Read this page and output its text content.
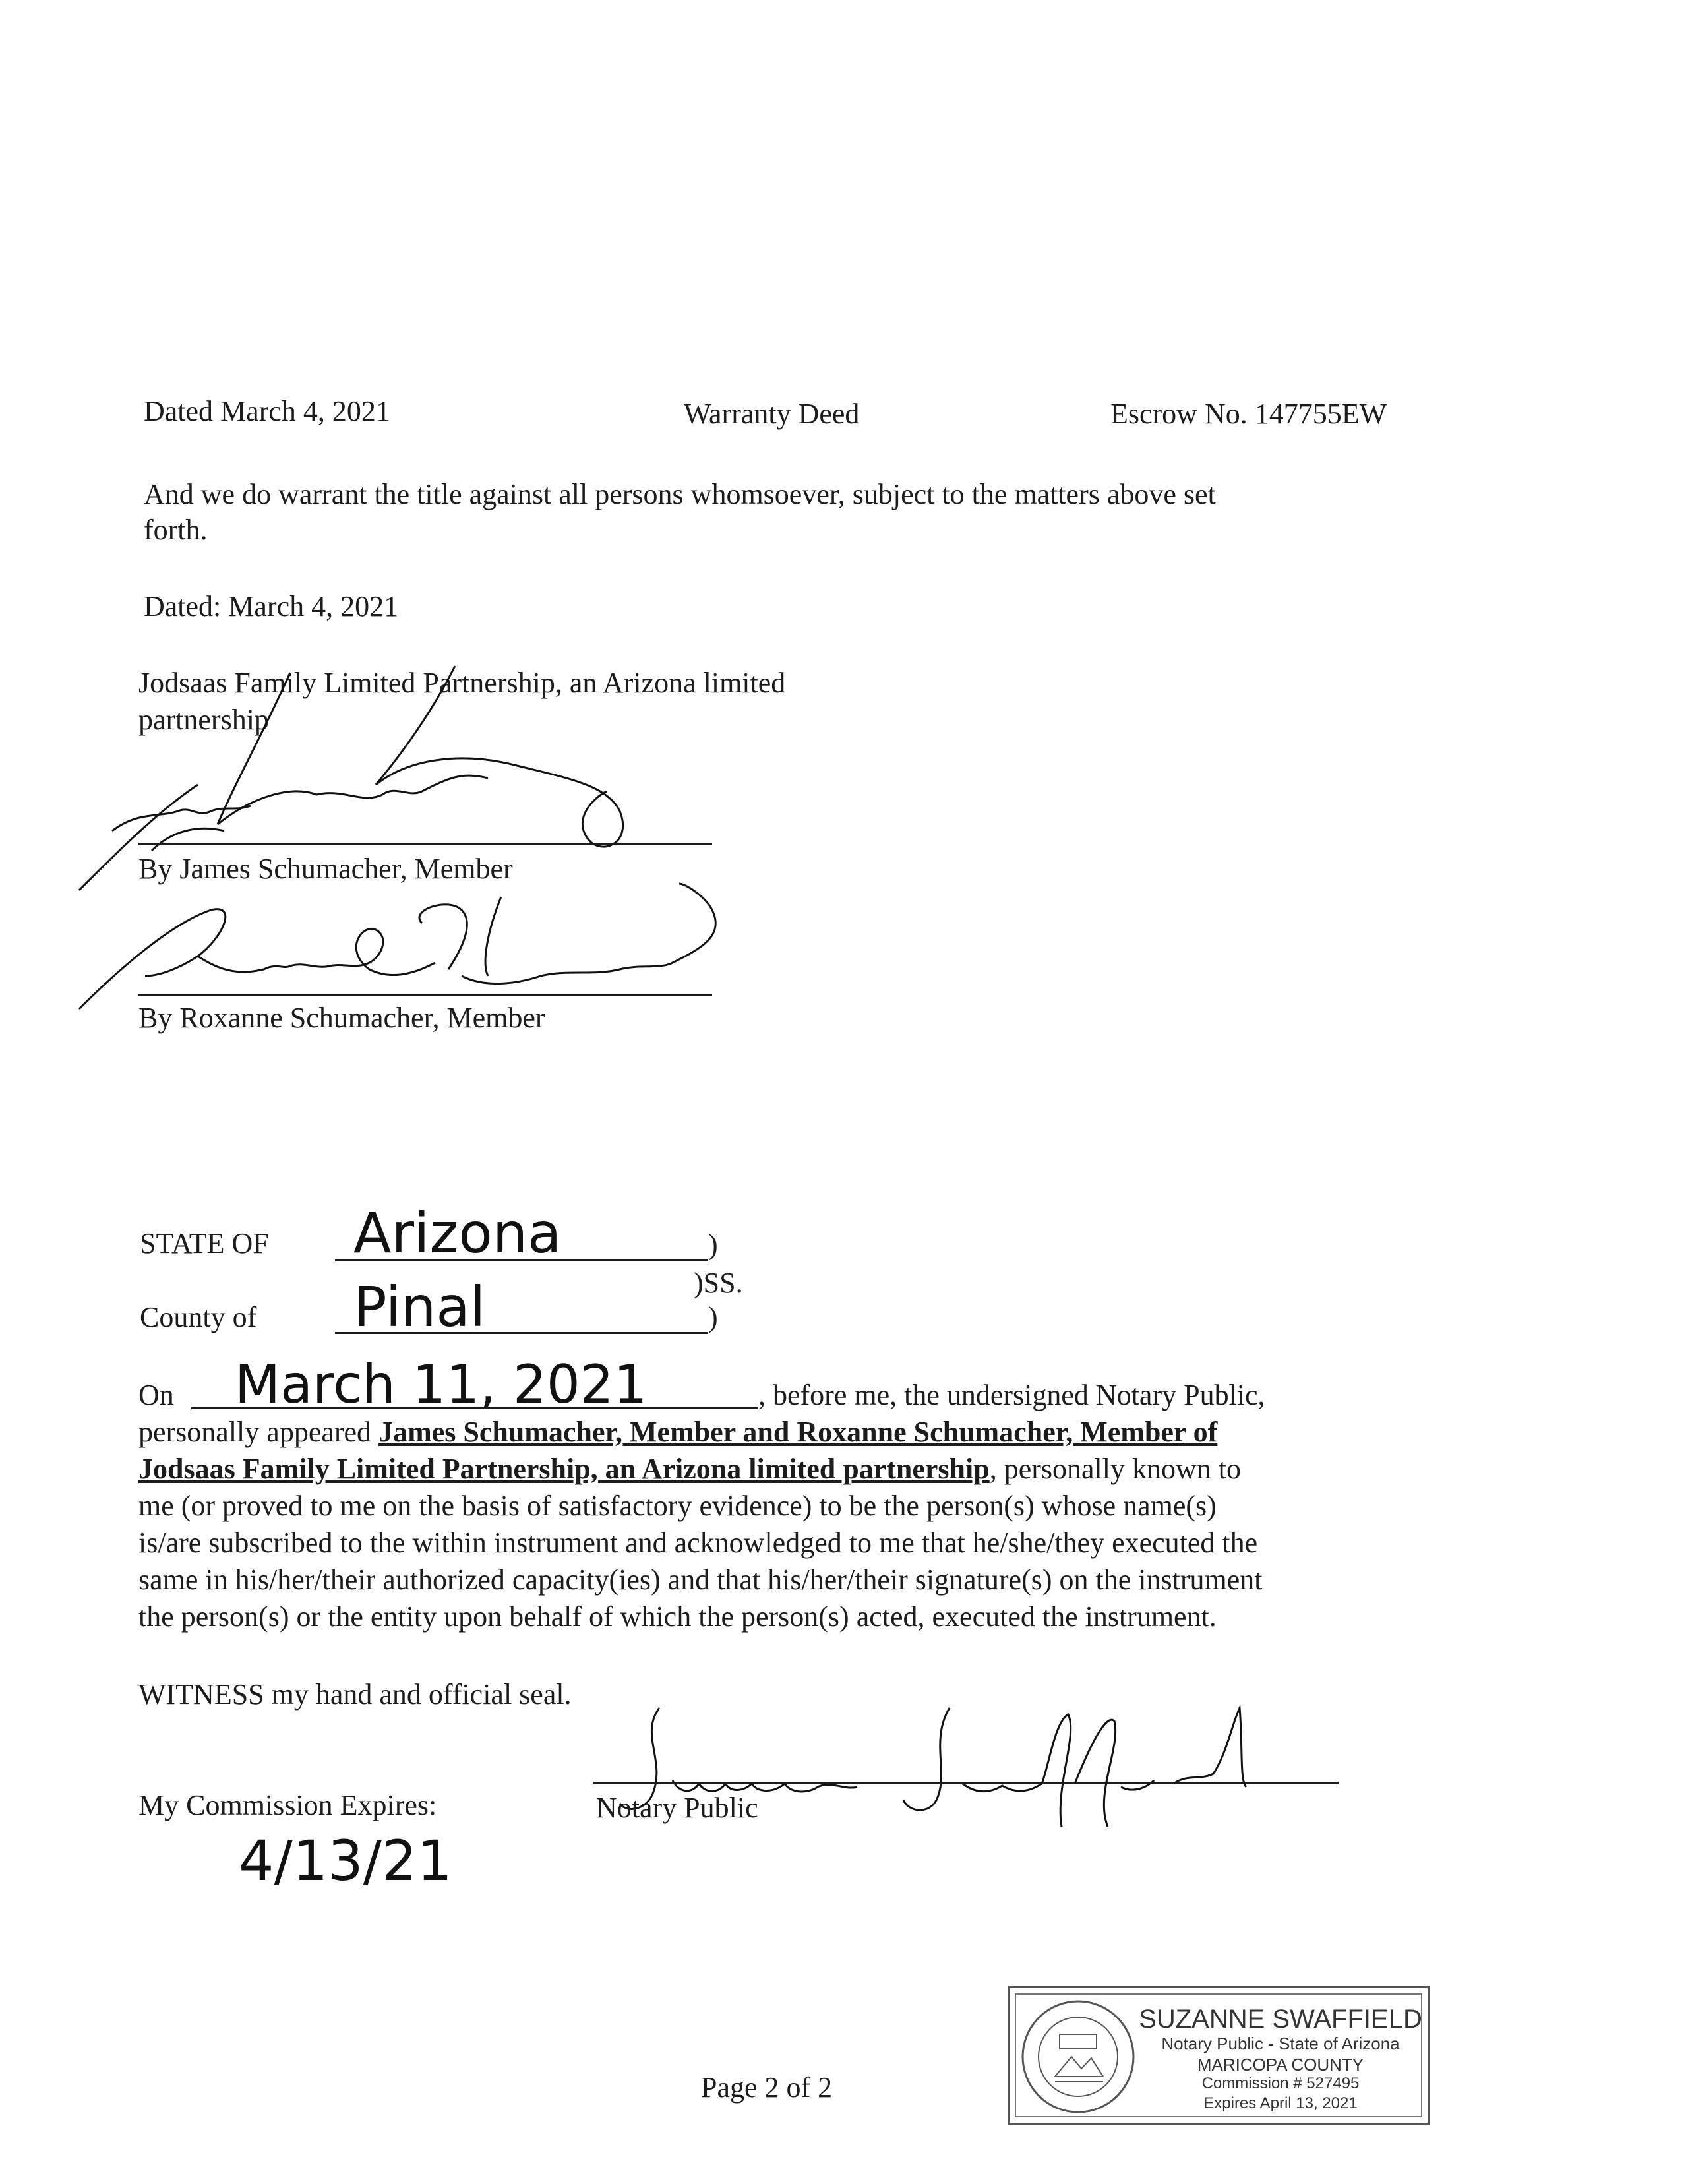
Dated March 4, 2021	Warranty Deed	Escrow No. 147755EW
And we do warrant the title against all persons whomsoever, subject to the matters above set
forth.
Dated: March 4, 2021
Jodsaas Family Limited Partnership, an Arizona limited
partnership
By James Schumacher, Member
By Roxanne Schumacher, Member
STATE OF Arizona	)
)SS.
County of Pinal	)
On March 11, 2021	, before me, the undersigned Notary Public,
personally appeared James Schumacher, Member and Roxanne Schumacher, Member of
Jodsaas Family Limited Partnership, an Arizona limited partnership, personally known to
me (or proved to me on the basis of satisfactory evidence) to be the person(s) whose name(s)
is/are subscribed to the within instrument and acknowledged to me that he/she/they executed the
same in his/her/their authorized capacity(ies) and that his/her/their signature(s) on the instrument
the person(s) or the entity upon behalf of which the person(s) acted, executed the instrument.
WITNESS my hand and official seal.
My Commission Expires:	Notary Public
4/13/21
SUZANNE SWAFFIELD
Notary Public - State of Arizona
MARICOPA COUNTY
Commission # 527495
Expires April 13, 2021
Page 2 of 2
